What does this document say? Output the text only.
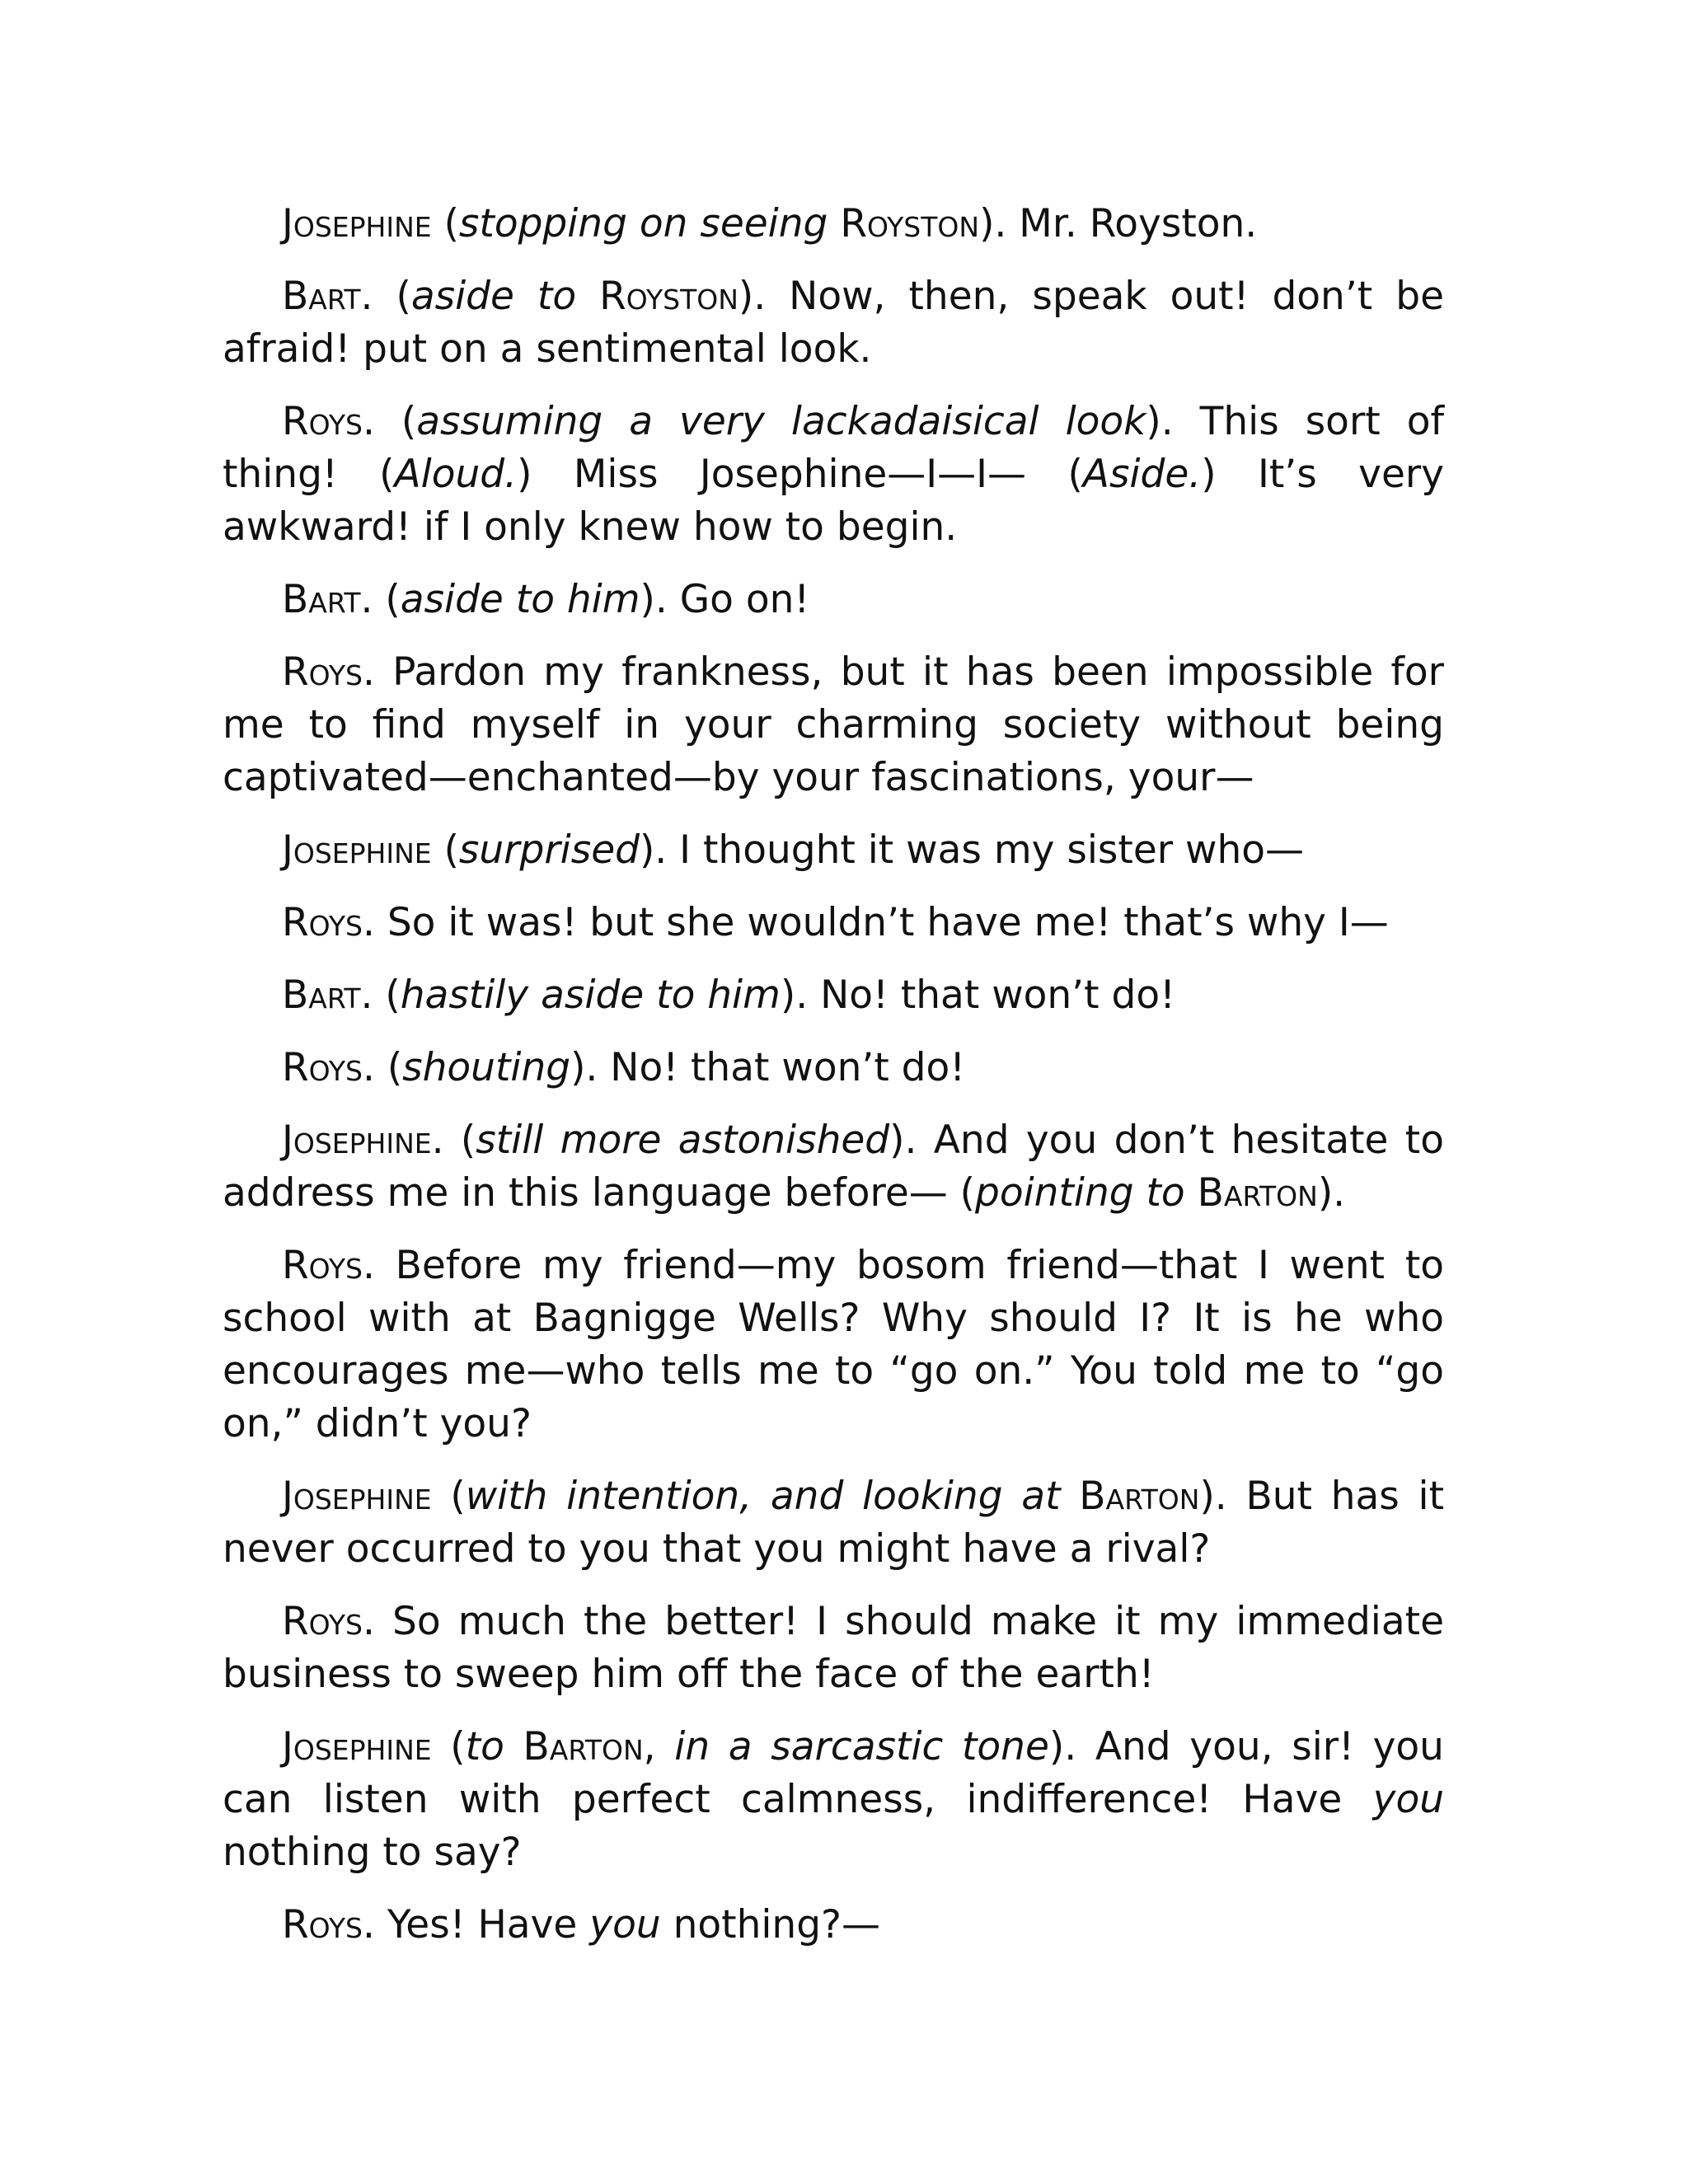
Josephine (stopping on seeing Royston). Mr. Royston.

Bart. (aside to Royston). Now, then, speak out! don’t be afraid! put on a sentimental look.

Roys. (assuming a very lackadaisical look). This sort of thing! (Aloud.) Miss Josephine—I—I— (Aside.) It’s very awkward! if I only knew how to begin.

Bart. (aside to him). Go on!

Roys. Pardon my frankness, but it has been impossible for me to find myself in your charming society without being captivated—enchanted—by your fascinations, your—

Josephine (surprised). I thought it was my sister who—

Roys. So it was! but she wouldn’t have me! that’s why I—

Bart. (hastily aside to him). No! that won’t do!

Roys. (shouting). No! that won’t do!

Josephine. (still more astonished). And you don’t hesitate to address me in this language before— (pointing to Barton).

Roys. Before my friend—my bosom friend—that I went to school with at Bagnigge Wells? Why should I? It is he who encourages me—who tells me to “go on.” You told me to “go on,” didn’t you?

Josephine (with intention, and looking at Barton). But has it never occurred to you that you might have a rival?

Roys. So much the better! I should make it my immediate business to sweep him off the face of the earth!

Josephine (to Barton, in a sarcastic tone). And you, sir! you can listen with perfect calmness, indifference! Have you nothing to say?

Roys. Yes! Have you nothing?—
